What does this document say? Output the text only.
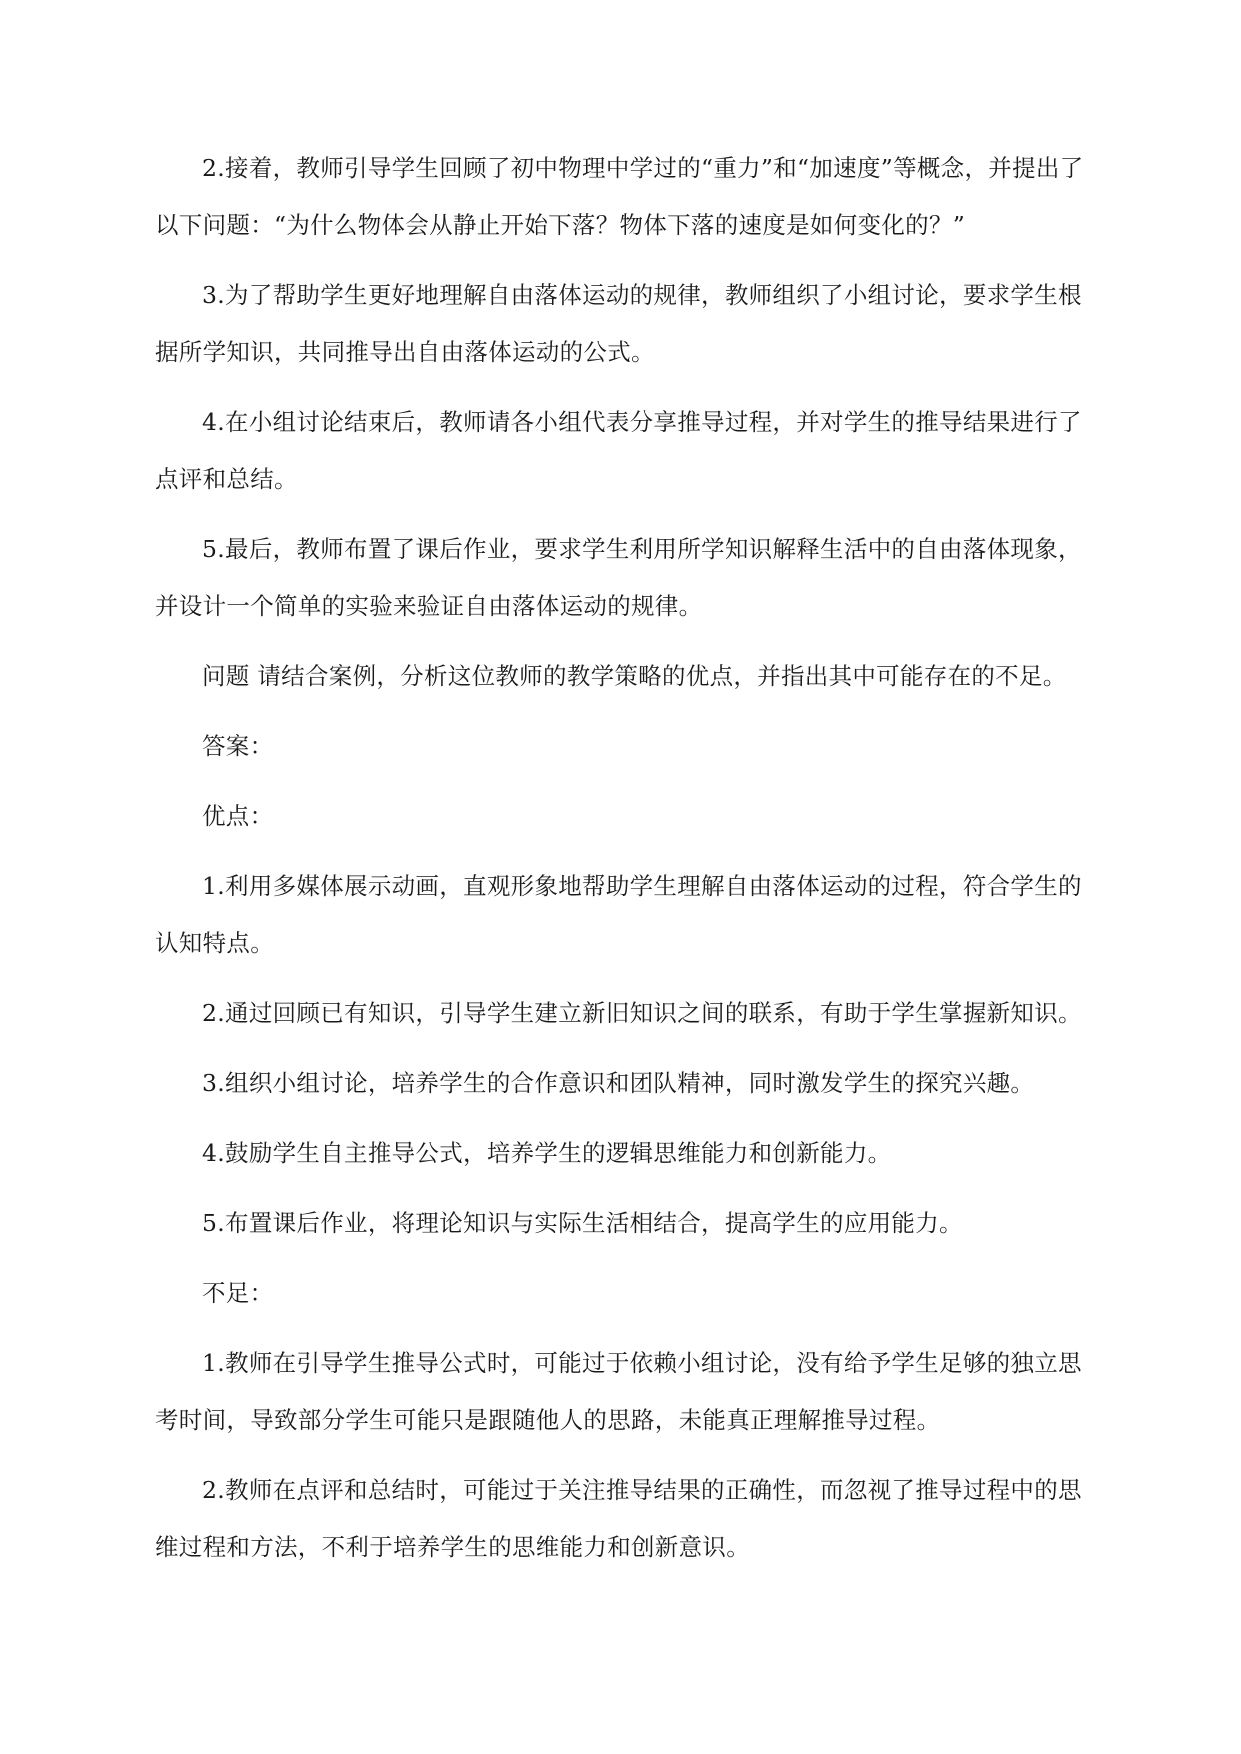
2.接着，教师引导学生回顾了初中物理中学过的“重力”和“加速度”等概念，并提出了以下问题：“为什么物体会从静止开始下落？物体下落的速度是如何变化的？”

3.为了帮助学生更好地理解自由落体运动的规律，教师组织了小组讨论，要求学生根据所学知识，共同推导出自由落体运动的公式。

4.在小组讨论结束后，教师请各小组代表分享推导过程，并对学生的推导结果进行了点评和总结。

5.最后，教师布置了课后作业，要求学生利用所学知识解释生活中的自由落体现象，并设计一个简单的实验来验证自由落体运动的规律。

问题 请结合案例，分析这位教师的教学策略的优点，并指出其中可能存在的不足。

答案：

优点：

1.利用多媒体展示动画，直观形象地帮助学生理解自由落体运动的过程，符合学生的认知特点。

2.通过回顾已有知识，引导学生建立新旧知识之间的联系，有助于学生掌握新知识。

3.组织小组讨论，培养学生的合作意识和团队精神，同时激发学生的探究兴趣。

4.鼓励学生自主推导公式，培养学生的逻辑思维能力和创新能力。

5.布置课后作业，将理论知识与实际生活相结合，提高学生的应用能力。

不足：

1.教师在引导学生推导公式时，可能过于依赖小组讨论，没有给予学生足够的独立思考时间，导致部分学生可能只是跟随他人的思路，未能真正理解推导过程。

2.教师在点评和总结时，可能过于关注推导结果的正确性，而忽视了推导过程中的思维过程和方法，不利于培养学生的思维能力和创新意识。
